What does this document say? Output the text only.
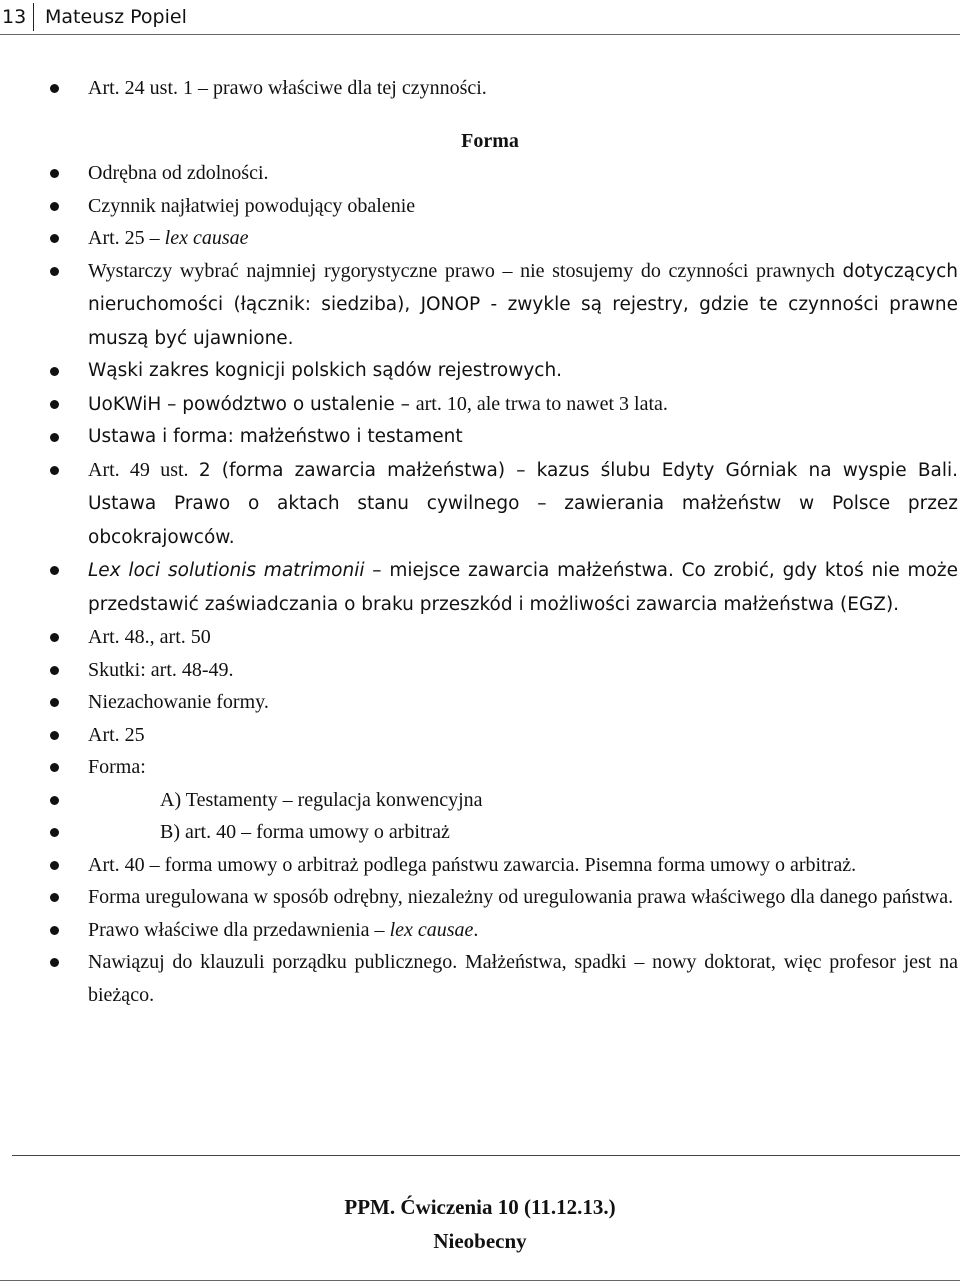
13 Mateusz Popiel
Art. 24 ust. 1 – prawo właściwe dla tej czynności.
Forma
Odrębna od zdolności.
Czynnik najłatwiej powodujący obalenie
Art. 25 – lex causae
Wystarczy wybrać najmniej rygorystyczne prawo – nie stosujemy do czynności prawnych dotyczących nieruchomości (łącznik: siedziba), JONOP - zwykle są rejestry, gdzie te czynności prawne muszą być ujawnione.
Wąski zakres kognicji polskich sądów rejestrowych.
UoKWiH – powództwo o ustalenie – art. 10, ale trwa to nawet 3 lata.
Ustawa i forma: małżeństwo i testament
Art. 49 ust. 2 (forma zawarcia małżeństwa) – kazus ślubu Edyty Górniak na wyspie Bali. Ustawa Prawo o aktach stanu cywilnego – zawierania małżeństw w Polsce przez obcokrajowców.
Lex loci solutionis matrimonii – miejsce zawarcia małżeństwa. Co zrobić, gdy ktoś nie może przedstawić zaświadczania o braku przeszkód i możliwości zawarcia małżeństwa (EGZ).
Art. 48., art. 50
Skutki: art. 48-49.
Niezachowanie formy.
Art. 25
Forma:
A) Testamenty – regulacja konwencyjna
B) art. 40 – forma umowy o arbitraż
Art. 40 – forma umowy o arbitraż podlega państwu zawarcia. Pisemna forma umowy o arbitraż.
Forma uregulowana w sposób odrębny, niezależny od uregulowania prawa właściwego dla danego państwa.
Prawo właściwe dla przedawnienia – lex causae.
Nawiązuj do klauzuli porządku publicznego. Małżeństwa, spadki – nowy doktorat, więc profesor jest na bieżąco.
PPM. Ćwiczenia 10 (11.12.13.)
Nieobecny
